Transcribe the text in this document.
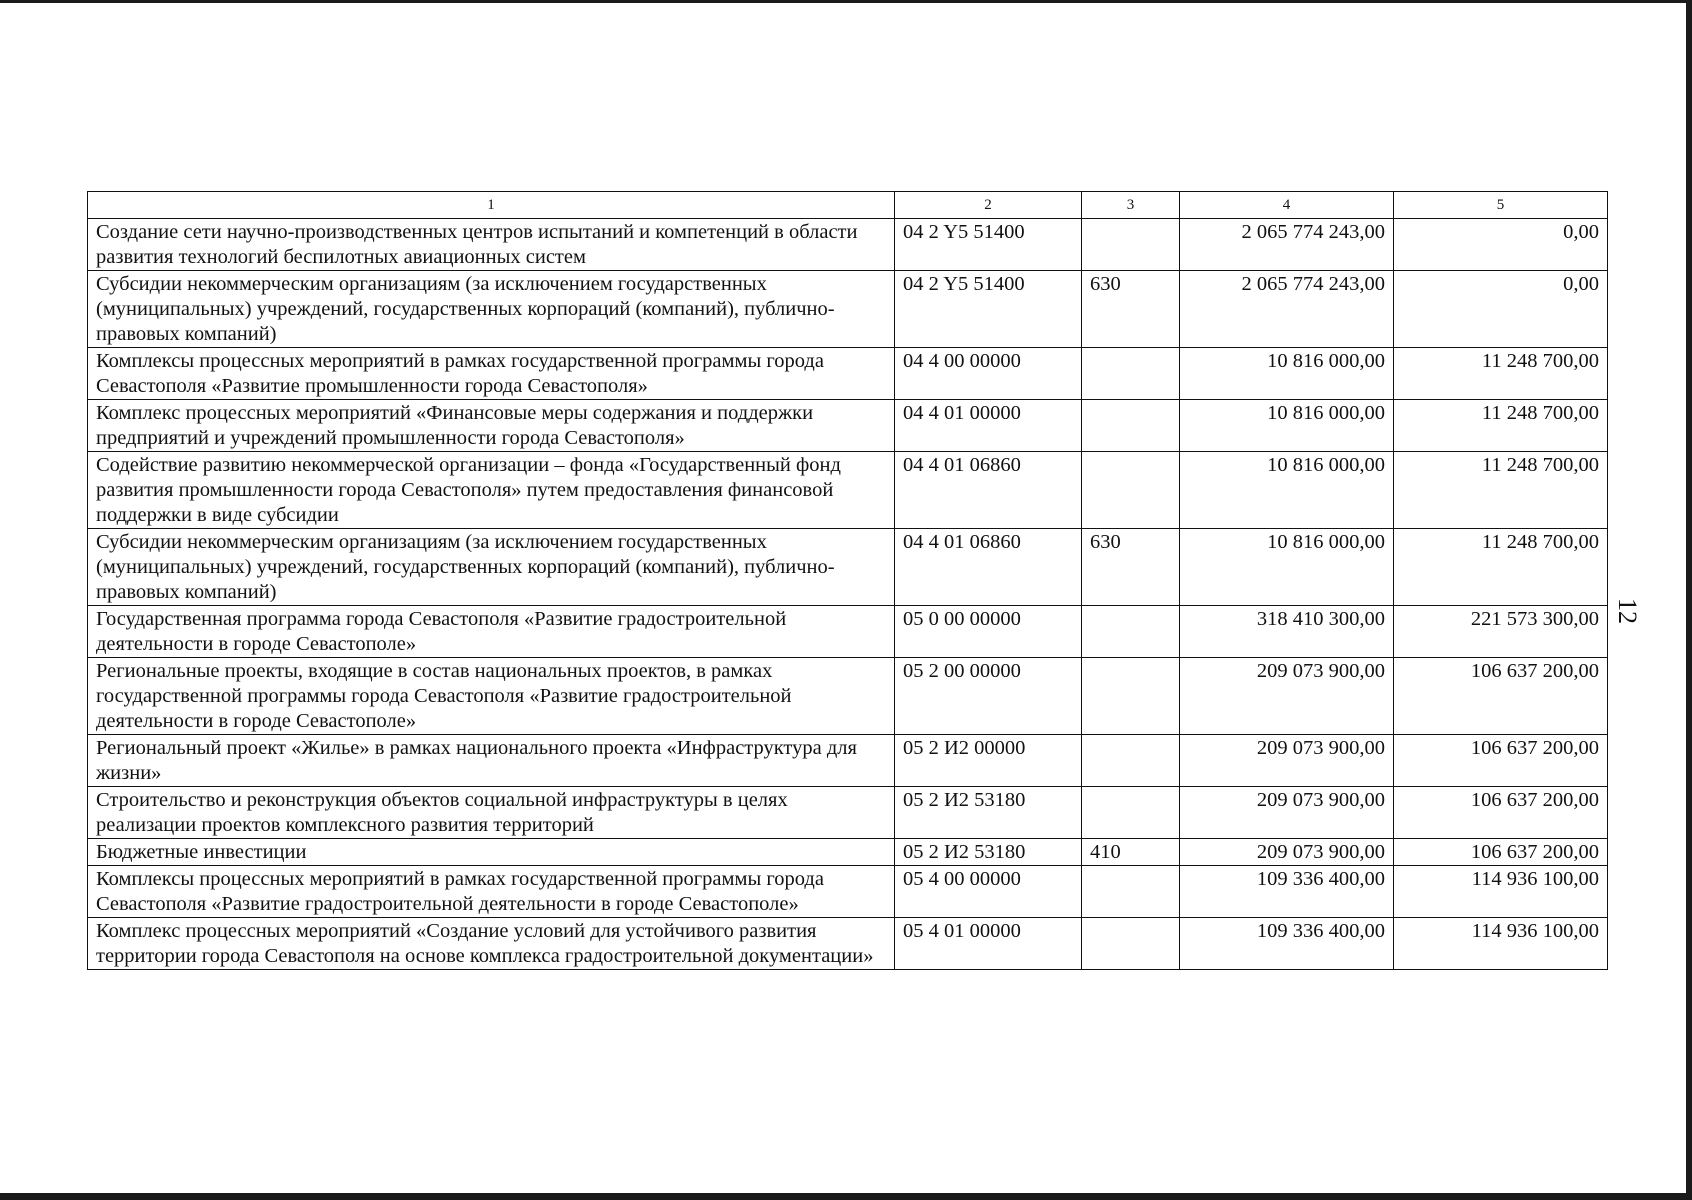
12
1	2	3	4	5
Создание сети научно-производственных центров испытаний и компетенций в области развития технологий беспилотных авиационных систем	04 2 Y5 51400		2 065 774 243,00	0,00
Субсидии некоммерческим организациям (за исключением государственных (муниципальных) учреждений, государственных корпораций (компаний), публично-правовых компаний)	04 2 Y5 51400	630	2 065 774 243,00	0,00
Комплексы процессных мероприятий в рамках государственной программы города Севастополя «Развитие промышленности города Севастополя»	04 4 00 00000		10 816 000,00	11 248 700,00
Комплекс процессных мероприятий «Финансовые меры содержания и поддержки предприятий и учреждений промышленности города Севастополя»	04 4 01 00000		10 816 000,00	11 248 700,00
Содействие развитию некоммерческой организации – фонда «Государственный фонд развития промышленности города Севастополя» путем предоставления финансовой поддержки в виде субсидии	04 4 01 06860		10 816 000,00	11 248 700,00
Субсидии некоммерческим организациям (за исключением государственных (муниципальных) учреждений, государственных корпораций (компаний), публично-правовых компаний)	04 4 01 06860	630	10 816 000,00	11 248 700,00
Государственная программа города Севастополя «Развитие градостроительной деятельности в городе Севастополе»	05 0 00 00000		318 410 300,00	221 573 300,00
Региональные проекты, входящие в состав национальных проектов, в рамках государственной программы города Севастополя «Развитие градостроительной деятельности в городе Севастополе»	05 2 00 00000		209 073 900,00	106 637 200,00
Региональный проект «Жилье» в рамках национального проекта «Инфраструктура для жизни»	05 2 И2 00000		209 073 900,00	106 637 200,00
Строительство и реконструкция объектов социальной инфраструктуры в целях реализации проектов комплексного развития территорий	05 2 И2 53180		209 073 900,00	106 637 200,00
Бюджетные инвестиции	05 2 И2 53180	410	209 073 900,00	106 637 200,00
Комплексы процессных мероприятий в рамках государственной программы города Севастополя «Развитие градостроительной деятельности в городе Севастополе»	05 4 00 00000		109 336 400,00	114 936 100,00
Комплекс процессных мероприятий «Создание условий для устойчивого развития территории города Севастополя на основе комплекса градостроительной документации»	05 4 01 00000		109 336 400,00	114 936 100,00
